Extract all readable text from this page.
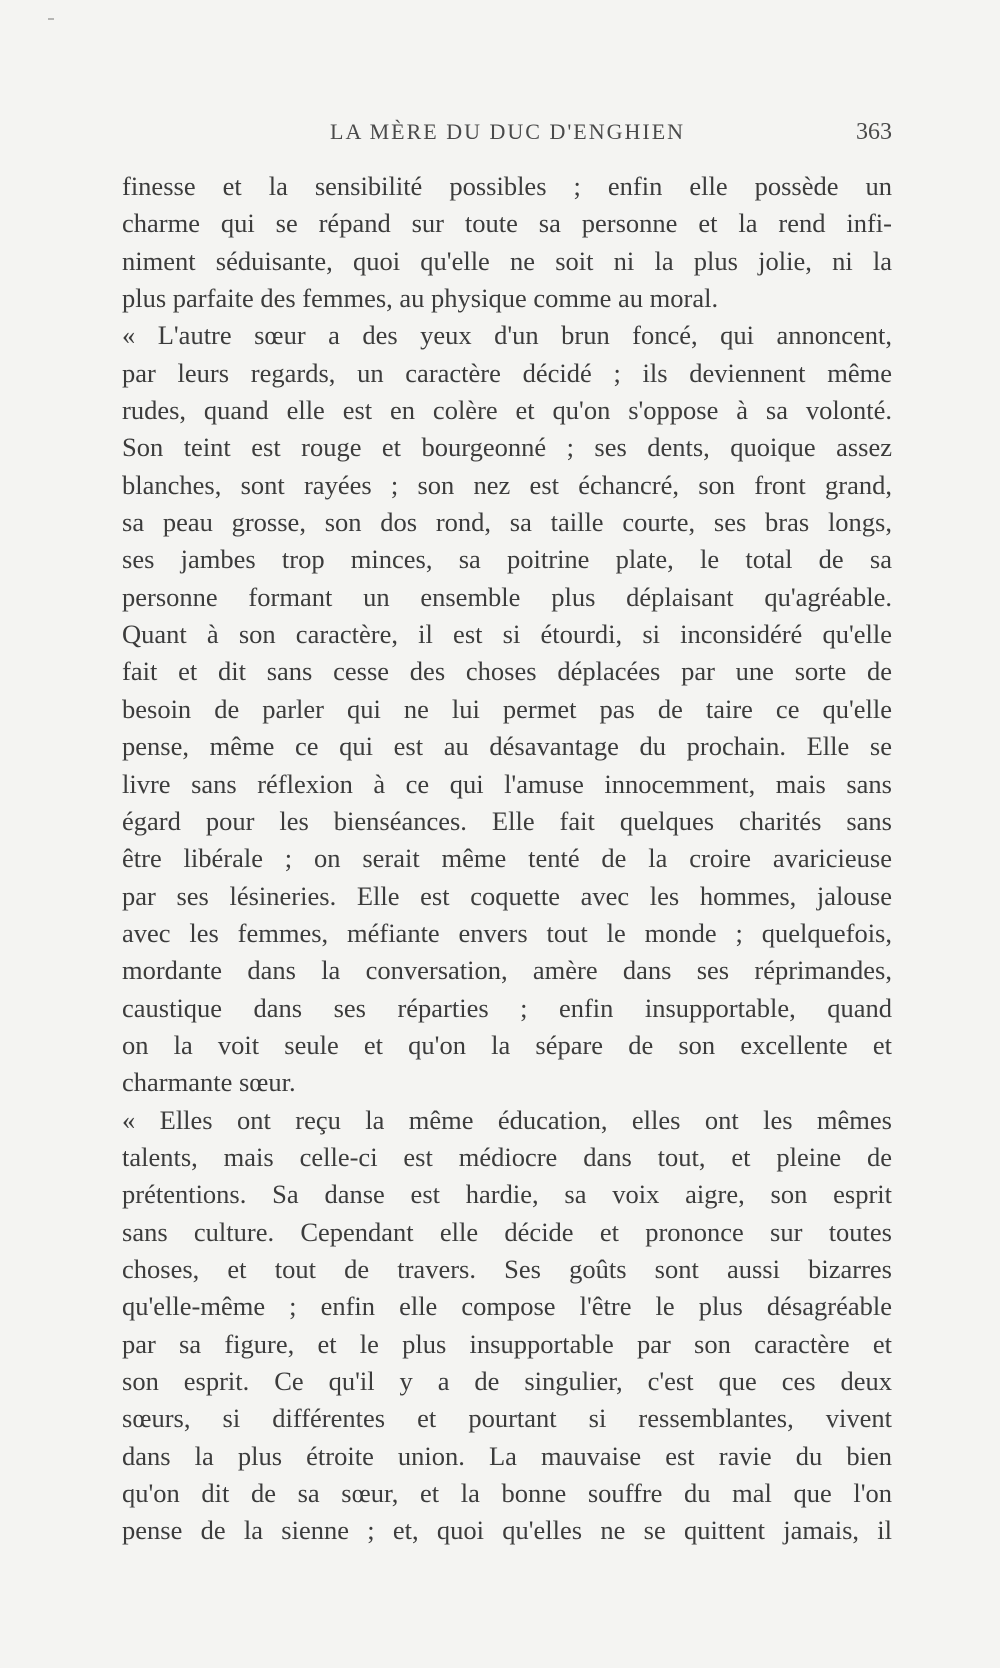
LA MÈRE DU DUC D'ENGHIEN	363
finesse et la sensibilité possibles ; enfin elle possède un
charme qui se répand sur toute sa personne et la rend infi-
niment séduisante, quoi qu'elle ne soit ni la plus jolie, ni la
plus parfaite des femmes, au physique comme au moral.
« L'autre sœur a des yeux d'un brun foncé, qui annoncent,
par leurs regards, un caractère décidé ; ils deviennent même
rudes, quand elle est en colère et qu'on s'oppose à sa volonté.
Son teint est rouge et bourgeonné ; ses dents, quoique assez
blanches, sont rayées ; son nez est échancré, son front grand,
sa peau grosse, son dos rond, sa taille courte, ses bras longs,
ses jambes trop minces, sa poitrine plate, le total de sa
personne formant un ensemble plus déplaisant qu'agréable.
Quant à son caractère, il est si étourdi, si inconsidéré qu'elle
fait et dit sans cesse des choses déplacées par une sorte de
besoin de parler qui ne lui permet pas de taire ce qu'elle
pense, même ce qui est au désavantage du prochain. Elle se
livre sans réflexion à ce qui l'amuse innocemment, mais sans
égard pour les bienséances. Elle fait quelques charités sans
être libérale ; on serait même tenté de la croire avaricieuse
par ses lésineries. Elle est coquette avec les hommes, jalouse
avec les femmes, méfiante envers tout le monde ; quelquefois,
mordante dans la conversation, amère dans ses réprimandes,
caustique dans ses réparties ; enfin insupportable, quand
on la voit seule et qu'on la sépare de son excellente et
charmante sœur.
« Elles ont reçu la même éducation, elles ont les mêmes
talents, mais celle-ci est médiocre dans tout, et pleine de
prétentions. Sa danse est hardie, sa voix aigre, son esprit
sans culture. Cependant elle décide et prononce sur toutes
choses, et tout de travers. Ses goûts sont aussi bizarres
qu'elle-même ; enfin elle compose l'être le plus désagréable
par sa figure, et le plus insupportable par son caractère et
son esprit. Ce qu'il y a de singulier, c'est que ces deux
sœurs, si différentes et pourtant si ressemblantes, vivent
dans la plus étroite union. La mauvaise est ravie du bien
qu'on dit de sa sœur, et la bonne souffre du mal que l'on
pense de la sienne ; et, quoi qu'elles ne se quittent jamais, il
